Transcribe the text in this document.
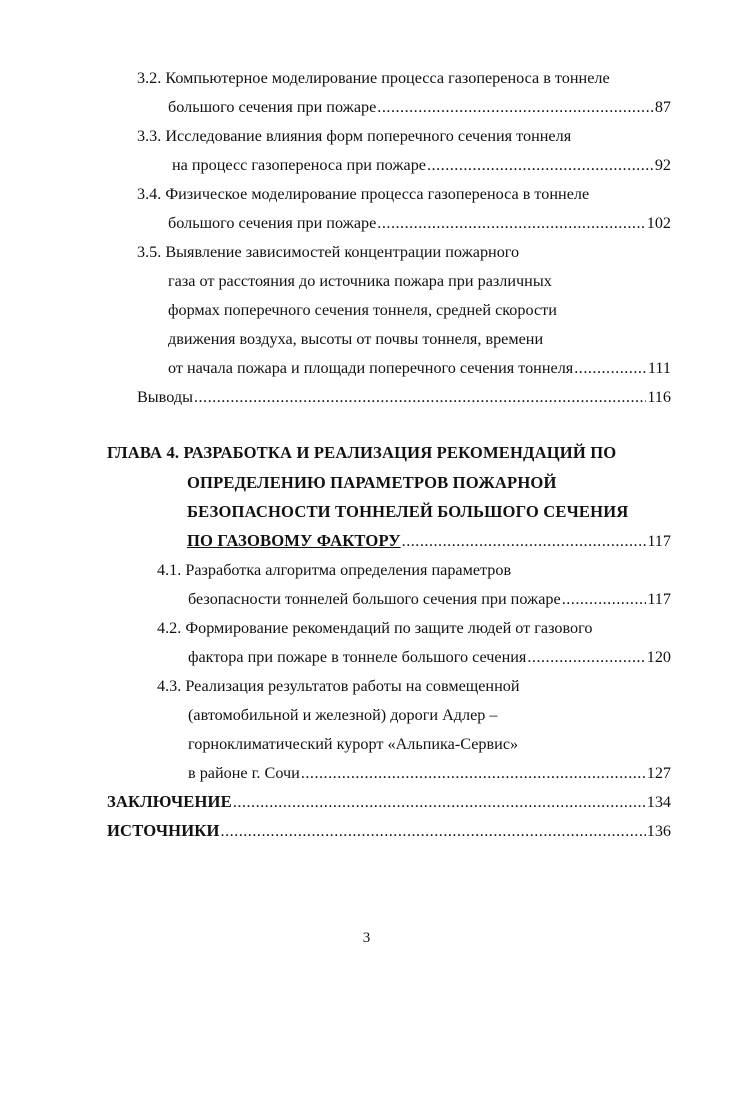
3.2. Компьютерное моделирование процесса газопереноса в тоннеле
большого сечения при пожаре .....	87
3.3. Исследование влияния форм поперечного сечения тоннеля
на процесс газопереноса при пожаре .....	92
3.4. Физическое моделирование процесса газопереноса в тоннеле
большого сечения при пожаре .....	102
3.5. Выявление зависимостей концентрации пожарного
газа от расстояния до источника пожара при различных
формах поперечного сечения тоннеля, средней скорости
движения воздуха, высоты от почвы тоннеля, времени
от начала пожара и площади поперечного сечения тоннеля .....	111
Выводы .....	116
ГЛАВА 4. РАЗРАБОТКА И РЕАЛИЗАЦИЯ РЕКОМЕНДАЦИЙ ПО
ОПРЕДЕЛЕНИЮ ПАРАМЕТРОВ ПОЖАРНОЙ
БЕЗОПАСНОСТИ ТОННЕЛЕЙ БОЛЬШОГО СЕЧЕНИЯ
ПО ГАЗОВОМУ ФАКТОРУ .....	117
4.1. Разработка алгоритма определения параметров
безопасности тоннелей большого сечения при пожаре .....	117
4.2. Формирование рекомендаций по защите людей от газового
фактора при пожаре в тоннеле большого сечения .....	120
4.3. Реализация результатов работы на совмещенной
(автомобильной и железной) дороги Адлер –
горноклиматический курорт «Альпика-Сервис»
в районе г. Сочи .....	127
ЗАКЛЮЧЕНИЕ .....	134
ИСТОЧНИКИ .....	136
3
